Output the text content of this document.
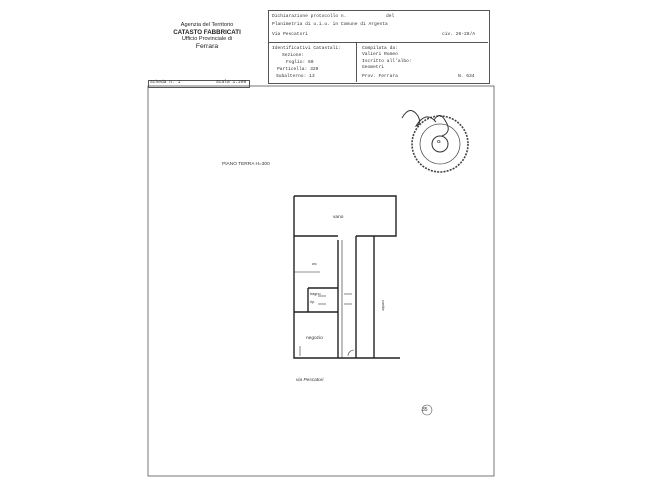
Agenzia del Territorio
CATASTO FABBRICATI
Ufficio Provinciale di
Ferrara
Dichiarazione protocollo n.	del
Planimetria di u.i.u. in Comune di Argenta
Via Pescatori	civ. 26-28/A
Identificativi Catastali:
Sezione:
Foglio: 60
Particella: 320
Subalterno: 13
Compilata da:
Valieri Romeo
Iscritto all'albo:
Geometri
Prov. Ferrara	N. 634
Scheda n. 1	Scala 1:200
PIANO TERRA H=300
vano
negozio
wc
bagno
rip.	cortile
via Pescatori
G
35
